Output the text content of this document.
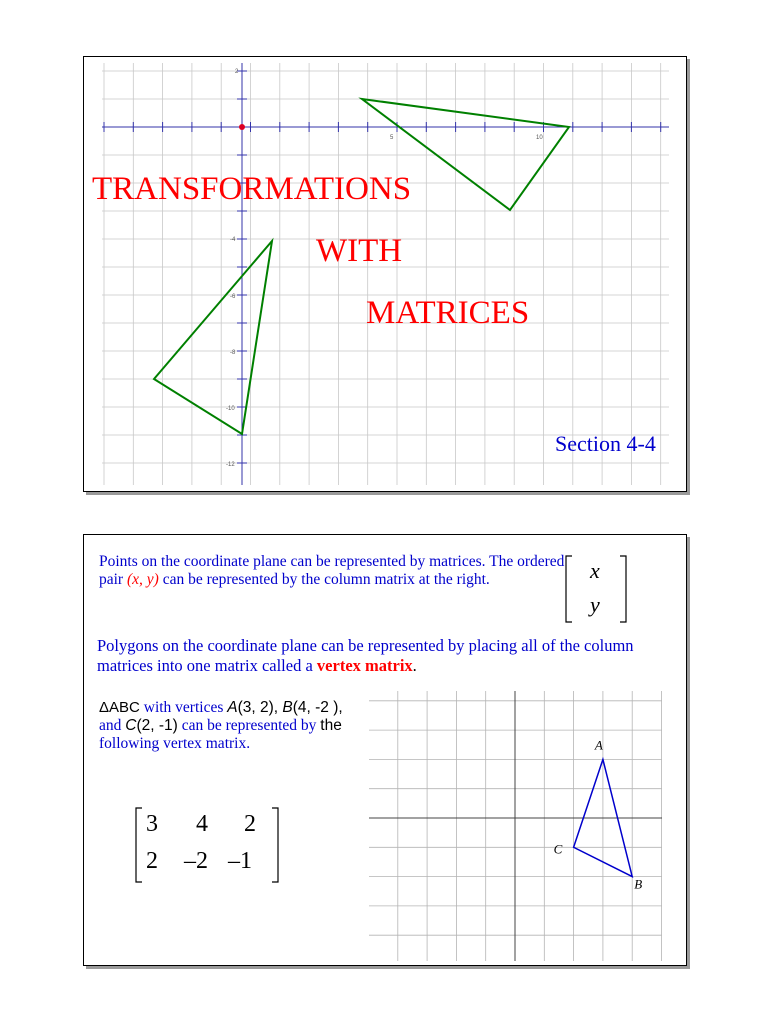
2
5	10
-4
-6
-8
-10
-12

TRANSFORMATIONS

WITH

MATRICES

Section 4-4

Points on the coordinate plane can be represented by matrices. The ordered pair (x, y) can be represented by the column matrix at the right.	x
y

Polygons on the coordinate plane can be represented by placing all of the column matrices into one matrix called a vertex matrix.

ΔABC with vertices A(3, 2), B(4, -2 ),
and C(2, -1) can be represented by the
following vertex matrix.

3 4 2
2 –2 –1
A
B
C
